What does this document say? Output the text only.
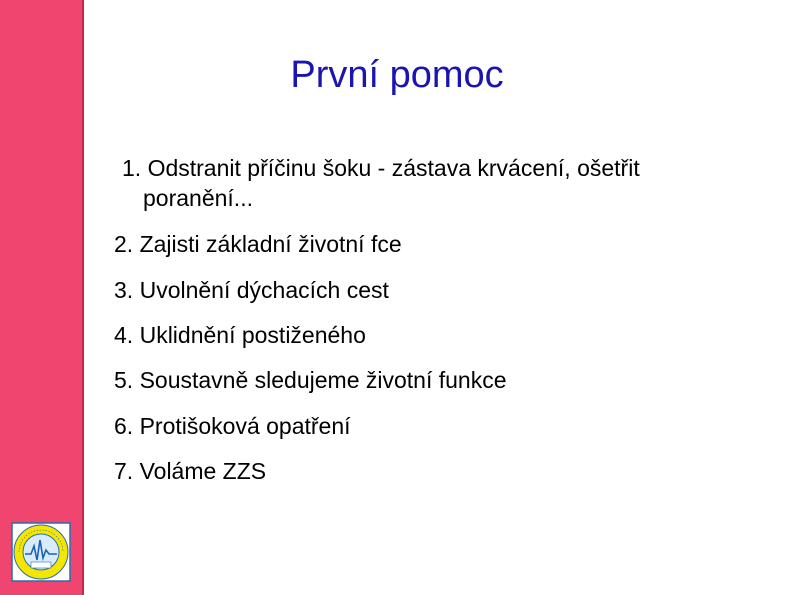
První pomoc
1. Odstranit příčinu šoku - zástava krvácení, ošetřit
poranění...
2. Zajisti základní životní fce
3. Uvolnění dýchacích cest
4. Uklidnění postiženého
5. Soustavně sledujeme životní funkce
6. Protišoková opatření
7. Voláme ZZS
